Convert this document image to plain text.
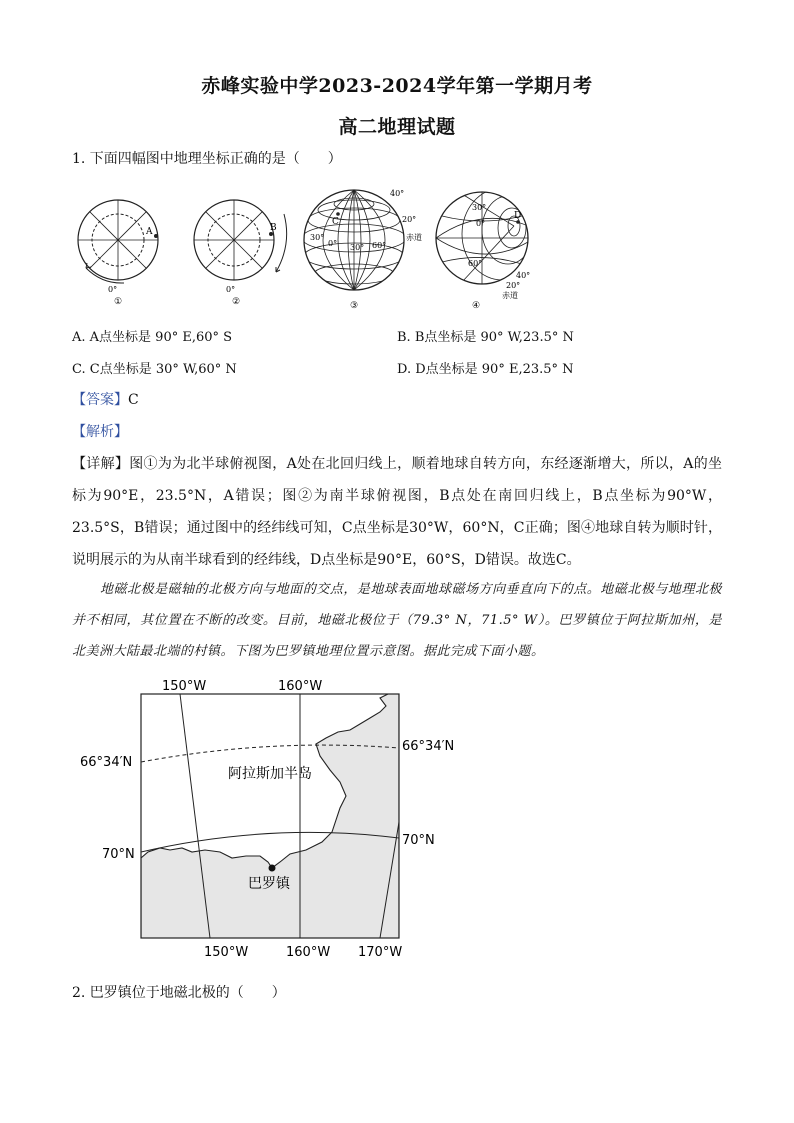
赤峰实验中学2023-2024学年第一学期月考
高二地理试题
1. 下面四幅图中地理坐标正确的是（　　）
A
0°
①
B
0°
②
40°
20°
赤道
30°
0° 30° 60°
C
③
30°
0°
60°
D
40°
20°
赤道
④
A. A点坐标是 90° E,60° S	B. B点坐标是 90° W,23.5° N
C. C点坐标是 30° W,60° N	D. D点坐标是 90° E,23.5° N
【答案】C
【解析】
【详解】图①为为北半球俯视图，A处在北回归线上，顺着地球自转方向，东经逐渐增大，所以，A的坐标为90°E，23.5°N，A错误；图②为南半球俯视图，B点处在南回归线上，B点坐标为90°W，23.5°S，B错误；通过图中的经纬线可知，C点坐标是30°W，60°N，C正确；图④地球自转为顺时针，说明展示的为从南半球看到的经纬线，D点坐标是90°E，60°S，D错误。故选C。
地磁北极是磁轴的北极方向与地面的交点，是地球表面地球磁场方向垂直向下的点。地磁北极与地理北极并不相同，其位置在不断的改变。目前，地磁北极位于（79.3° N，71.5° W）。巴罗镇位于阿拉斯加州，是北美洲大陆最北端的村镇。下图为巴罗镇地理位置示意图。据此完成下面小题。
150°W	160°W
150°W	160°W 170°W
66°34′N
66°34′N
70°N
70°N
阿拉斯加半岛
巴罗镇
2. 巴罗镇位于地磁北极的（　　）
